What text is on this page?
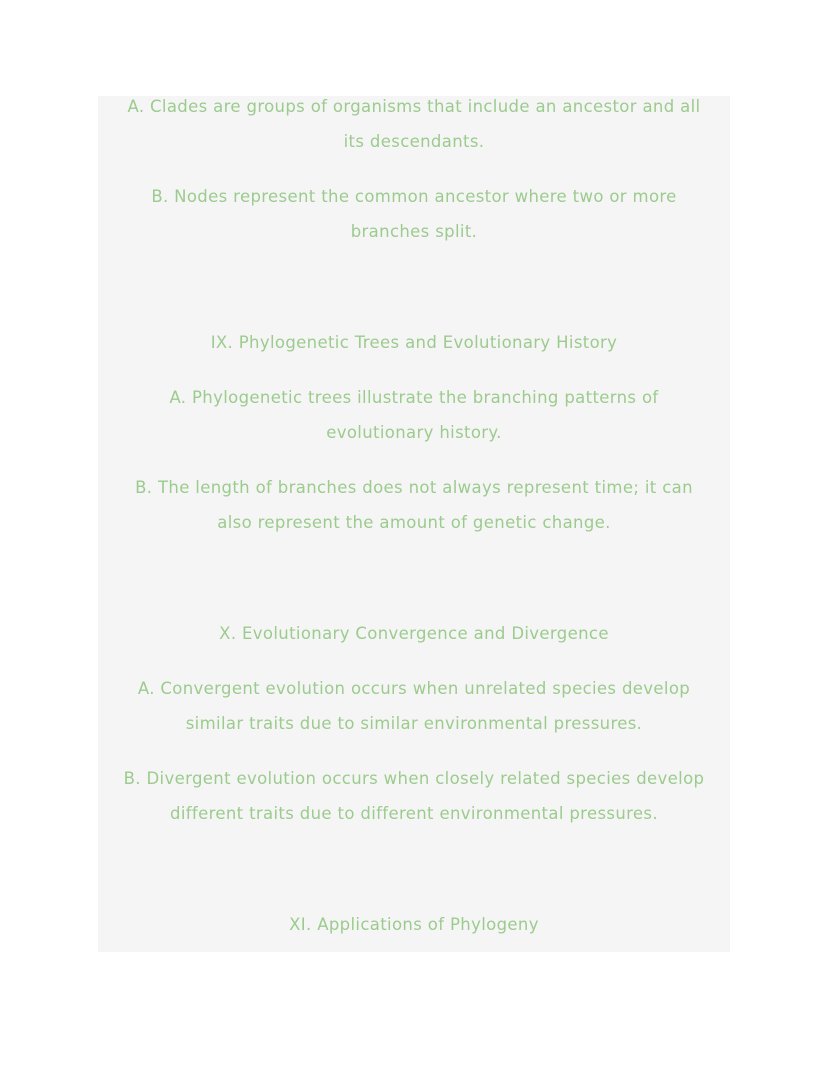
A. Clades are groups of organisms that include an ancestor and all
its descendants.
B. Nodes represent the common ancestor where two or more
branches split.
IX. Phylogenetic Trees and Evolutionary History
A. Phylogenetic trees illustrate the branching patterns of
evolutionary history.
B. The length of branches does not always represent time; it can
also represent the amount of genetic change.
X. Evolutionary Convergence and Divergence
A. Convergent evolution occurs when unrelated species develop
similar traits due to similar environmental pressures.
B. Divergent evolution occurs when closely related species develop
different traits due to different environmental pressures.
XI. Applications of Phylogeny
